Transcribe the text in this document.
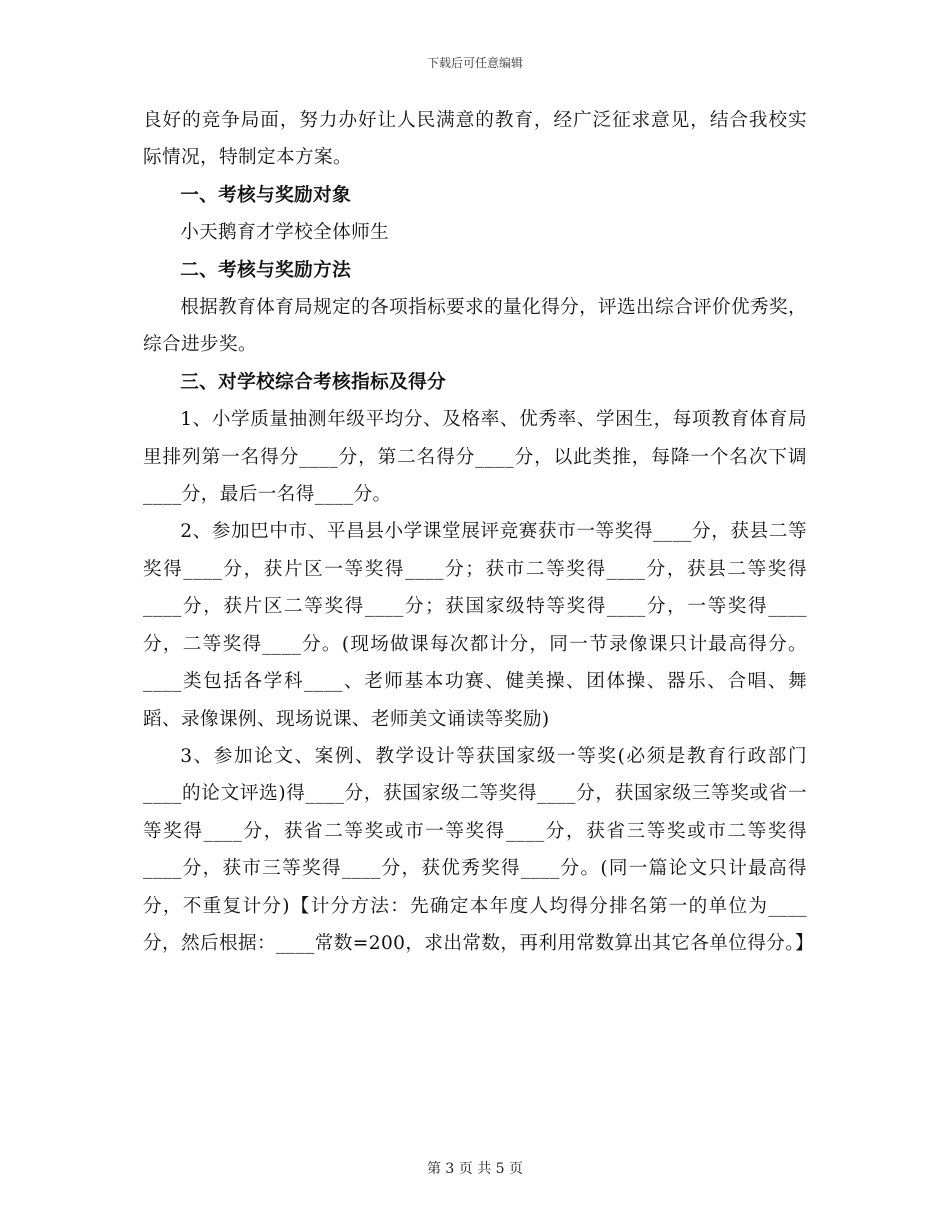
下载后可任意编辑

良好的竞争局面，努力办好让人民满意的教育，经广泛征求意见，结合我校实际情况，特制定本方案。

一、考核与奖励对象

小天鹅育才学校全体师生

二、考核与奖励方法

根据教育体育局规定的各项指标要求的量化得分，评选出综合评价优秀奖，综合进步奖。

三、对学校综合考核指标及得分

1、小学质量抽测年级平均分、及格率、优秀率、学困生，每项教育体育局里排列第一名得分____分，第二名得分____分，以此类推，每降一个名次下调____分，最后一名得____分。

2、参加巴中市、平昌县小学课堂展评竞赛获市一等奖得____分，获县二等奖得____分，获片区一等奖得____分；获市二等奖得____分，获县二等奖得____分，获片区二等奖得____分；获国家级特等奖得____分，一等奖得____分，二等奖得____分。(现场做课每次都计分，同一节录像课只计最高得分。____类包括各学科____、老师基本功赛、健美操、团体操、器乐、合唱、舞蹈、录像课例、现场说课、老师美文诵读等奖励)

3、参加论文、案例、教学设计等获国家级一等奖(必须是教育行政部门____的论文评选)得____分，获国家级二等奖得____分，获国家级三等奖或省一等奖得____分，获省二等奖或市一等奖得____分，获省三等奖或市二等奖得____分，获市三等奖得____分，获优秀奖得____分。(同一篇论文只计最高得分，不重复计分)【计分方法：先确定本年度人均得分排名第一的单位为____分，然后根据：____常数=200，求出常数，再利用常数算出其它各单位得分。】

第 3 页 共 5 页
